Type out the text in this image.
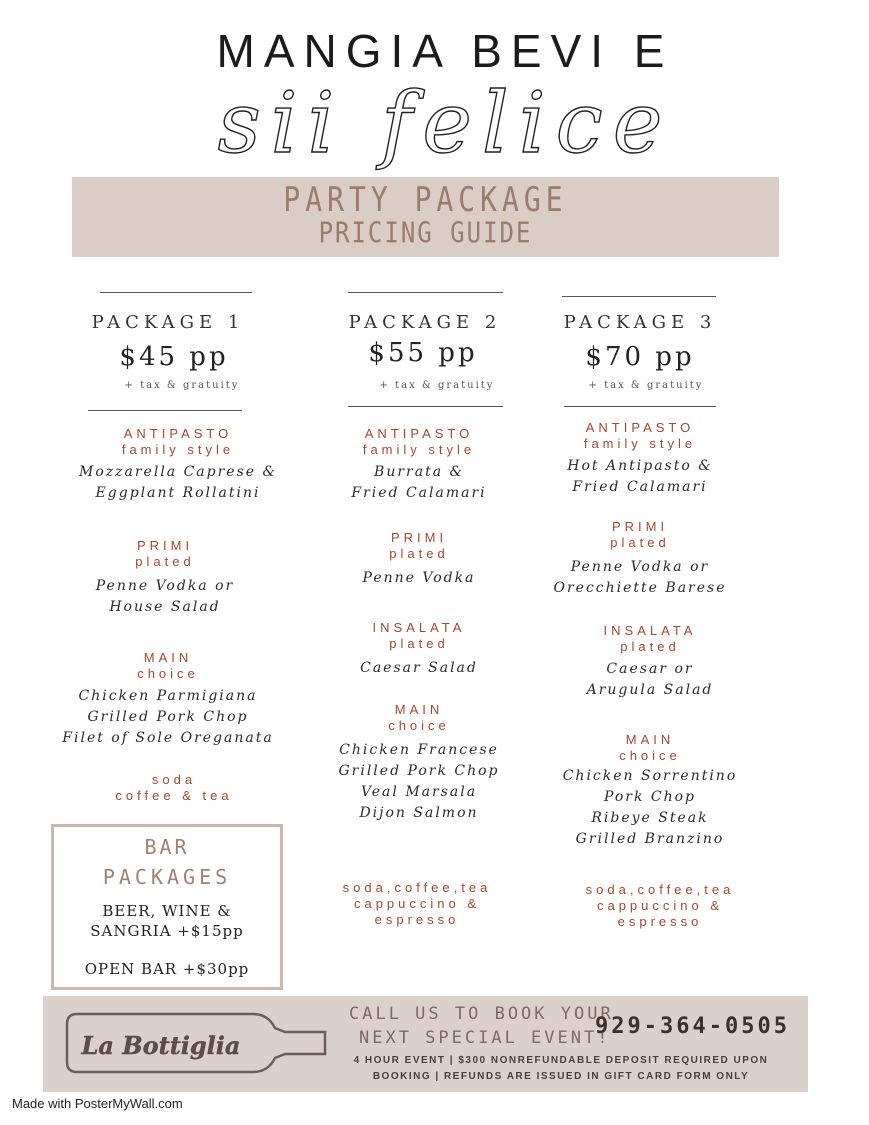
MANGIA BEVI E
sii felice
PARTY PACKAGE
PRICING GUIDE
PACKAGE 1
$45 pp
+ tax & gratuity
ANTIPASTO
family style
Mozzarella Caprese &
Eggplant Rollatini
PRIMI
plated
Penne Vodka or
House Salad
MAIN
choice
Chicken Parmigiana
Grilled Pork Chop
Filet of Sole Oreganata
soda
coffee & tea
PACKAGE 2
$55 pp
+ tax & gratuity
ANTIPASTO
family style
Burrata &
Fried Calamari
PRIMI
plated
Penne Vodka
INSALATA
plated
Caesar Salad
MAIN
choice
Chicken Francese
Grilled Pork Chop
Veal Marsala
Dijon Salmon
soda,coffee,tea
cappuccino &
espresso
PACKAGE 3
$70 pp
+ tax & gratuity
ANTIPASTO
family style
Hot Antipasto &
Fried Calamari
PRIMI
plated
Penne Vodka or
Orecchiette Barese
INSALATA
plated
Caesar or
Arugula Salad
MAIN
choice
Chicken Sorrentino
Pork Chop
Ribeye Steak
Grilled Branzino
soda,coffee,tea
cappuccino &
espresso
BAR
PACKAGES
BEER, WINE &
SANGRIA +$15pp
OPEN BAR +$30pp
La Bottiglia
CALL US TO BOOK YOUR
NEXT SPECIAL EVENT!
929-364-0505
4 HOUR EVENT | $300 NONREFUNDABLE DEPOSIT REQUIRED UPON
BOOKING | REFUNDS ARE ISSUED IN GIFT CARD FORM ONLY
Made with PosterMyWall.com
